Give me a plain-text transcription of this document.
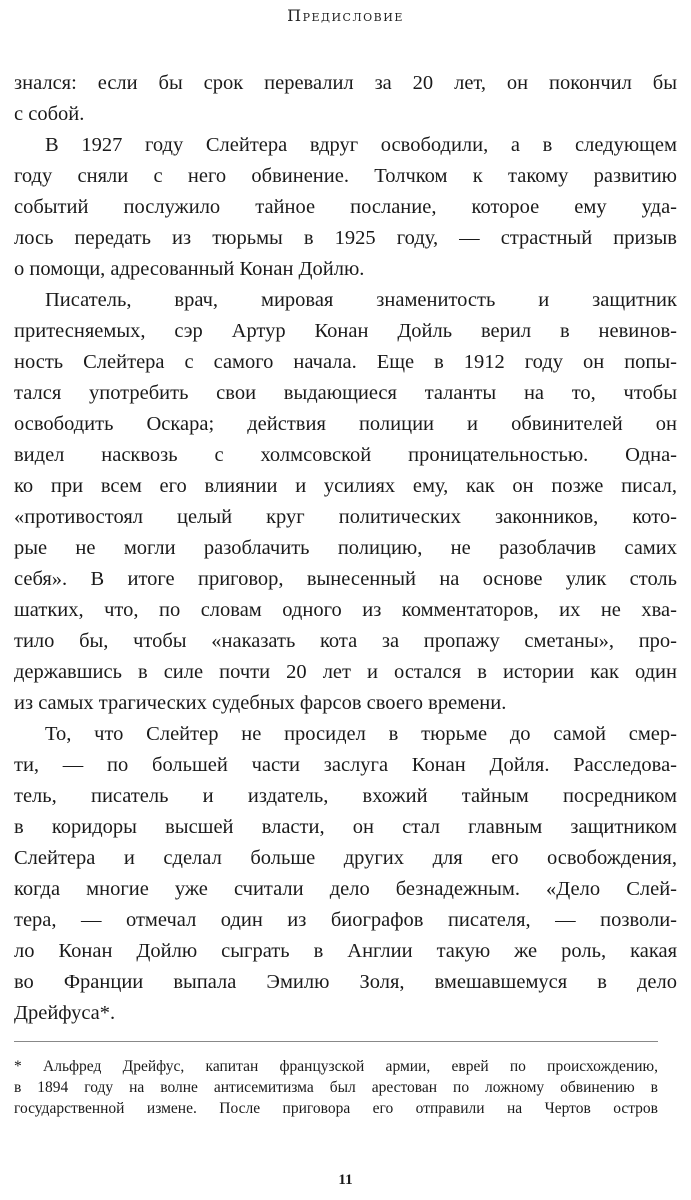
Предисловие
знался: если бы срок перевалил за 20 лет, он покончил бы
с собой.
В 1927 году Слейтера вдруг освободили, а в следующем
году сняли с него обвинение. Толчком к такому развитию
событий послужило тайное послание, которое ему уда-
лось передать из тюрьмы в 1925 году, — страстный призыв
о помощи, адресованный Конан Дойлю.
Писатель, врач, мировая знаменитость и защитник
притесняемых, сэр Артур Конан Дойль верил в невинов-
ность Слейтера с самого начала. Еще в 1912 году он попы-
тался употребить свои выдающиеся таланты на то, чтобы
освободить Оскара; действия полиции и обвинителей он
видел насквозь с холмсовской проницательностью. Одна-
ко при всем его влиянии и усилиях ему, как он позже писал,
«противостоял целый круг политических законников, кото-
рые не могли разоблачить полицию, не разоблачив самих
себя». В итоге приговор, вынесенный на основе улик столь
шатких, что, по словам одного из комментаторов, их не хва-
тило бы, чтобы «наказать кота за пропажу сметаны», про-
державшись в силе почти 20 лет и остался в истории как один
из самых трагических судебных фарсов своего времени.
То, что Слейтер не просидел в тюрьме до самой смер-
ти, — по большей части заслуга Конан Дойля. Расследова-
тель, писатель и издатель, вхожий тайным посредником
в коридоры высшей власти, он стал главным защитником
Слейтера и сделал больше других для его освобождения,
когда многие уже считали дело безнадежным. «Дело Слей-
тера, — отмечал один из биографов писателя, — позволи-
ло Конан Дойлю сыграть в Англии такую же роль, какая
во Франции выпала Эмилю Золя, вмешавшемуся в дело
Дрейфуса*.
* Альфред Дрейфус, капитан французской армии, еврей по происхождению,
в 1894 году на волне антисемитизма был арестован по ложному обвинению в
государственной измене. После приговора его отправили на Чертов остров
11
